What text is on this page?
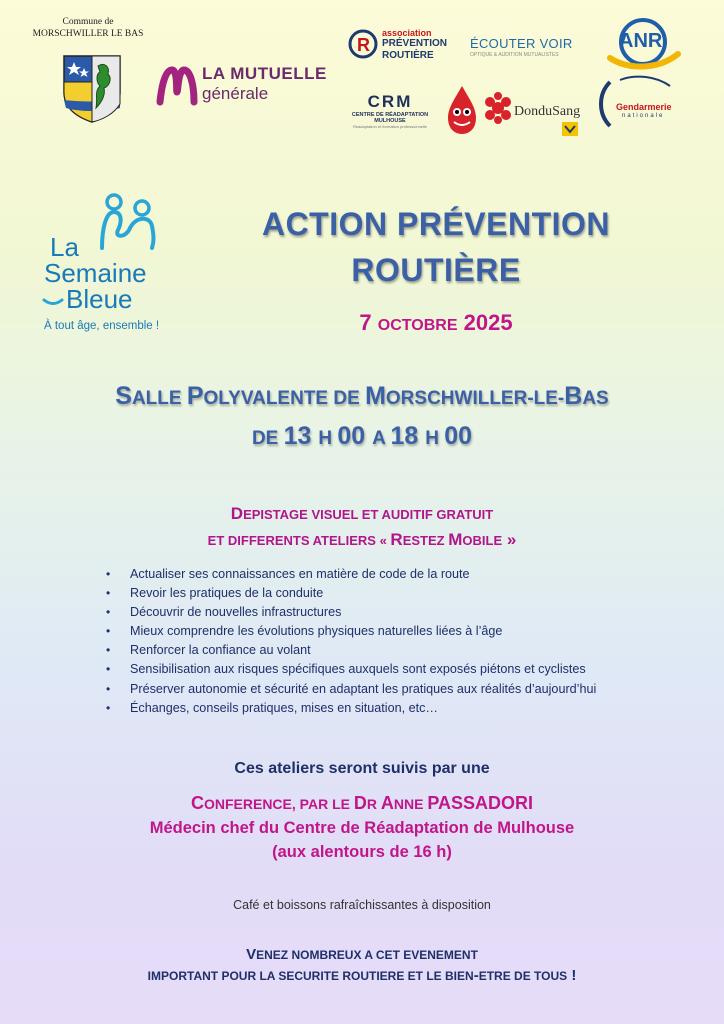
Commune de
MORSCHWILLER LE BAS
LA MUTUELLE
générale
R
association
PRÉVENTION
ROUTIÈRE
ÉCOUTER VOIR
OPTIQUE & AUDITION MUTUALISTES
ANR
CRM
CENTRE DE RÉADAPTATION
MULHOUSE
Réadaptation et formation professionnelle
DonduSang	Gendarmerie
nationale
La
Semaine
Bleue
À tout âge, ensemble !
ACTION PRÉVENTION
ROUTIÈRE
7 OCTOBRE 2025
SALLE POLYVALENTE DE MORSCHWILLER-LE-BAS
DE 13 H 00 A 18 H 00
DEPISTAGE VISUEL ET AUDITIF GRATUIT
ET DIFFERENTS ATELIERS « RESTEZ MOBILE »
• Actualiser ses connaissances en matière de code de la route
• Revoir les pratiques de la conduite
• Découvrir de nouvelles infrastructures
• Mieux comprendre les évolutions physiques naturelles liées à l’âge
• Renforcer la confiance au volant
• Sensibilisation aux risques spécifiques auxquels sont exposés piétons et cyclistes
• Préserver autonomie et sécurité en adaptant les pratiques aux réalités d’aujourd’hui
• Échanges, conseils pratiques, mises en situation, etc…
Ces ateliers seront suivis par une
CONFERENCE, PAR LE DR ANNE PASSADORI
Médecin chef du Centre de Réadaptation de Mulhouse
(aux alentours de 16 h)
Café et boissons rafraîchissantes à disposition
VENEZ NOMBREUX A CET EVENEMENT
IMPORTANT POUR LA SECURITE ROUTIERE ET LE BIEN-ETRE DE TOUS !
